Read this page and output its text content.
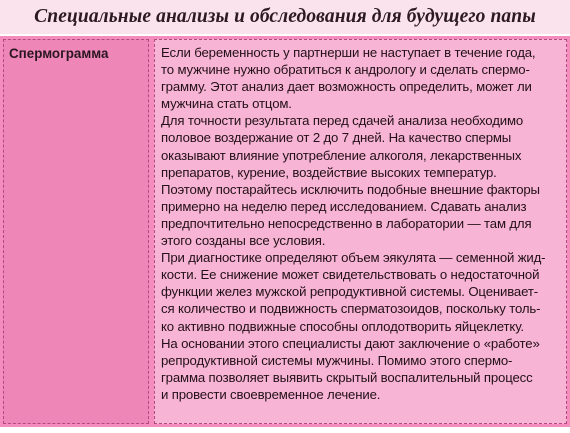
Специальные анализы и обследования для будущего папы
Спермограмма	Если беременность у партнерши не наступает в течение года,
то мужчине нужно обратиться к андрологу и сделать спермо-
грамму. Этот анализ дает возможность определить, может ли
мужчина стать отцом.
Для точности результата перед сдачей анализа необходимо
половое воздержание от 2 до 7 дней. На качество спермы
оказывают влияние употребление алкоголя, лекарственных
препаратов, курение, воздействие высоких температур.
Поэтому постарайтесь исключить подобные внешние факторы
примерно на неделю перед исследованием. Сдавать анализ
предпочтительно непосредственно в лаборатории — там для
этого созданы все условия.
При диагностике определяют объем эякулята — семенной жид-
кости. Ее снижение может свидетельствовать о недостаточной
функции желез мужской репродуктивной системы. Оценивает-
ся количество и подвижность сперматозоидов, поскольку толь-
ко активно подвижные способны оплодотворить яйцеклетку.
На основании этого специалисты дают заключение о «работе»
репродуктивной системы мужчины. Помимо этого спермо-
грамма позволяет выявить скрытый воспалительный процесс
и провести своевременное лечение.
